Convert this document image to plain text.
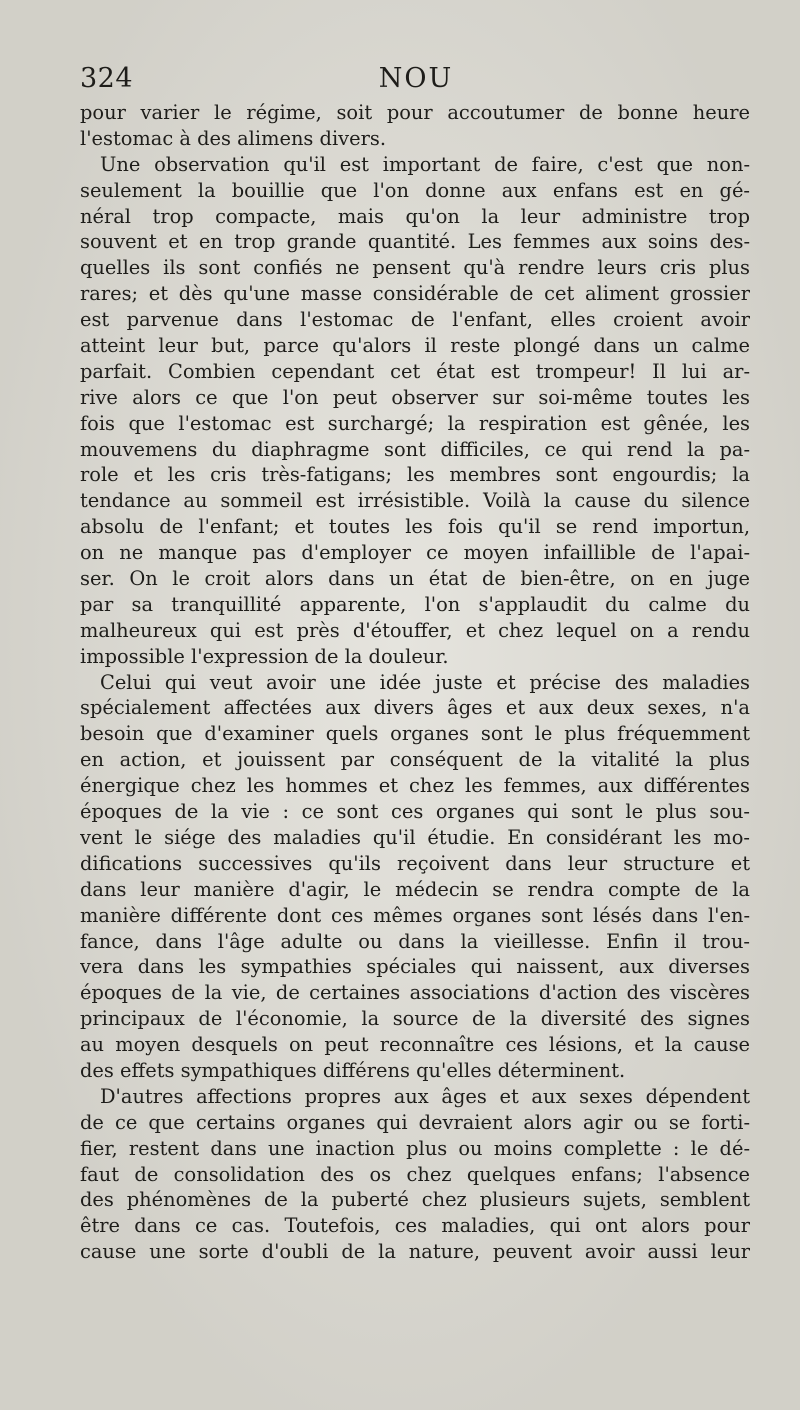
324	NOU
pour varier le régime, soit pour accoutumer de bonne heure
l'estomac à des alimens divers.
Une observation qu'il est important de faire, c'est que non-
seulement la bouillie que l'on donne aux enfans est en gé-
néral trop compacte, mais qu'on la leur administre trop
souvent et en trop grande quantité. Les femmes aux soins des-
quelles ils sont confiés ne pensent qu'à rendre leurs cris plus
rares; et dès qu'une masse considérable de cet aliment grossier
est parvenue dans l'estomac de l'enfant, elles croient avoir
atteint leur but, parce qu'alors il reste plongé dans un calme
parfait. Combien cependant cet état est trompeur! Il lui ar-
rive alors ce que l'on peut observer sur soi-même toutes les
fois que l'estomac est surchargé; la respiration est gênée, les
mouvemens du diaphragme sont difficiles, ce qui rend la pa-
role et les cris très-fatigans; les membres sont engourdis; la
tendance au sommeil est irrésistible. Voilà la cause du silence
absolu de l'enfant; et toutes les fois qu'il se rend importun,
on ne manque pas d'employer ce moyen infaillible de l'apai-
ser. On le croit alors dans un état de bien-être, on en juge
par sa tranquillité apparente, l'on s'applaudit du calme du
malheureux qui est près d'étouffer, et chez lequel on a rendu
impossible l'expression de la douleur.
Celui qui veut avoir une idée juste et précise des maladies
spécialement affectées aux divers âges et aux deux sexes, n'a
besoin que d'examiner quels organes sont le plus fréquemment
en action, et jouissent par conséquent de la vitalité la plus
énergique chez les hommes et chez les femmes, aux différentes
époques de la vie : ce sont ces organes qui sont le plus sou-
vent le siége des maladies qu'il étudie. En considérant les mo-
difications successives qu'ils reçoivent dans leur structure et
dans leur manière d'agir, le médecin se rendra compte de la
manière différente dont ces mêmes organes sont lésés dans l'en-
fance, dans l'âge adulte ou dans la vieillesse. Enfin il trou-
vera dans les sympathies spéciales qui naissent, aux diverses
époques de la vie, de certaines associations d'action des viscères
principaux de l'économie, la source de la diversité des signes
au moyen desquels on peut reconnaître ces lésions, et la cause
des effets sympathiques différens qu'elles déterminent.
D'autres affections propres aux âges et aux sexes dépendent
de ce que certains organes qui devraient alors agir ou se forti-
fier, restent dans une inaction plus ou moins complette : le dé-
faut de consolidation des os chez quelques enfans; l'absence
des phénomènes de la puberté chez plusieurs sujets, semblent
être dans ce cas. Toutefois, ces maladies, qui ont alors pour
cause une sorte d'oubli de la nature, peuvent avoir aussi leur
